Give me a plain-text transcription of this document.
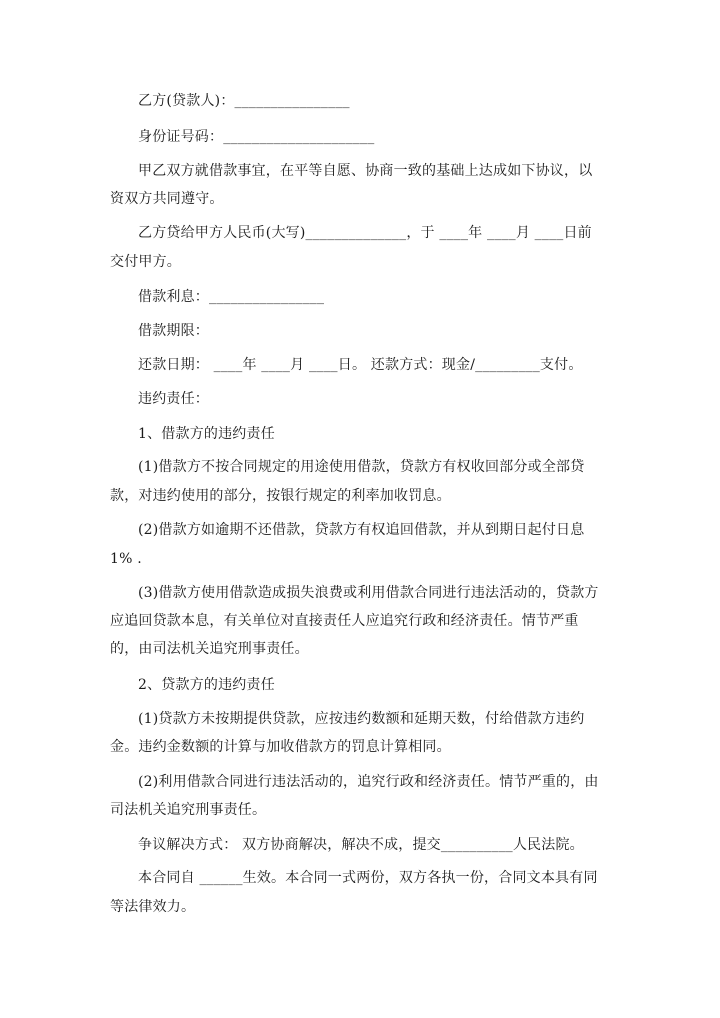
乙方(贷款人)：________________
身份证号码：_____________________
甲乙双方就借款事宜，在平等自愿、协商一致的基础上达成如下协议，以
资双方共同遵守。
乙方贷给甲方人民币(大写)______________，于 ____年 ____月 ____日前
交付甲方。
借款利息：________________
借款期限：
还款日期： ____年 ____月 ____日。 还款方式：现金/_________支付。
违约责任：
1、借款方的违约责任
(1)借款方不按合同规定的用途使用借款，贷款方有权收回部分或全部贷
款，对违约使用的部分，按银行规定的利率加收罚息。
(2)借款方如逾期不还借款，贷款方有权追回借款，并从到期日起付日息
1% .
(3)借款方使用借款造成损失浪费或利用借款合同进行违法活动的，贷款方
应追回贷款本息，有关单位对直接责任人应追究行政和经济责任。情节严重
的，由司法机关追究刑事责任。
2、贷款方的违约责任
(1)贷款方未按期提供贷款，应按违约数额和延期天数，付给借款方违约
金。违约金数额的计算与加收借款方的罚息计算相同。
(2)利用借款合同进行违法活动的，追究行政和经济责任。情节严重的，由
司法机关追究刑事责任。
争议解决方式： 双方协商解决，解决不成，提交__________人民法院。
本合同自 ______生效。本合同一式两份，双方各执一份，合同文本具有同
等法律效力。
